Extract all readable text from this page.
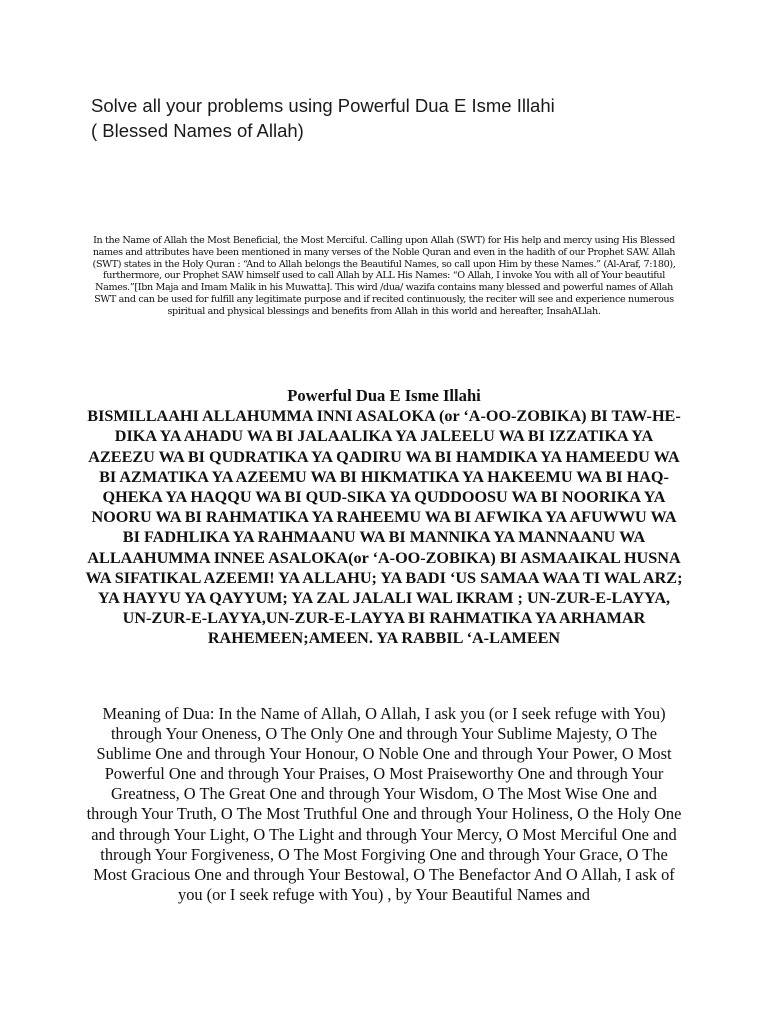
Solve all your problems using Powerful Dua E Isme Illahi
( Blessed Names of Allah)
In the Name of Allah the Most Beneficial, the Most Merciful. Calling upon Allah (SWT) for His help and mercy using His Blessed names and attributes have been mentioned in many verses of the Noble Quran and even in the hadith of our Prophet SAW. Allah (SWT) states in the Holy Quran : “And to Allah belongs the Beautiful Names, so call upon Him by these Names.” (Al-Araf, 7:180), furthermore, our Prophet SAW himself used to call Allah by ALL His Names: “O Allah, I invoke You with all of Your beautiful Names.”[Ibn Maja and Imam Malik in his Muwatta]. This wird /dua/ wazifa contains many blessed and powerful names of Allah SWT and can be used for fulfill any legitimate purpose and if recited continuously, the reciter will see and experience numerous spiritual and physical blessings and benefits from Allah in this world and hereafter, InsahALlah.
Powerful Dua E Isme Illahi
BISMILLAAHI ALLAHUMMA INNI ASALOKA (or ‘A-OO-ZOBIKA) BI TAW-HE-DIKA YA AHADU WA BI JALAALIKA YA JALEELU WA BI IZZATIKA YA AZEEZU WA BI QUDRATIKA YA QADIRU WA BI HAMDIKA YA HAMEEDU WA BI AZMATIKA YA AZEEMU WA BI HIKMATIKA YA HAKEEMU WA BI HAQ-QHEKA YA HAQQU WA BI QUD-SIKA YA QUDDOOSU WA BI NOORIKA YA NOORU WA BI RAHMATIKA YA RAHEEMU WA BI AFWIKA YA AFUWWU WA BI FADHLIKA YA RAHMAANU WA BI MANNIKA YA MANNAANU WA ALLAAHUMMA INNEE ASALOKA(or ‘A-OO-ZOBIKA) BI ASMAAIKAL HUSNA WA SIFATIKAL AZEEMI! YA ALLAHU; YA BADI ‘US SAMAA WAA TI WAL ARZ; YA HAYYU YA QAYYUM; YA ZAL JALALI WAL IKRAM ; UN-ZUR-E-LAYYA, UN-ZUR-E-LAYYA,UN-ZUR-E-LAYYA BI RAHMATIKA YA ARHAMAR RAHEMEEN;AMEEN. YA RABBIL ‘A-LAMEEN
Meaning of Dua: In the Name of Allah, O Allah, I ask you (or I seek refuge with You) through Your Oneness, O The Only One and through Your Sublime Majesty, O The Sublime One and through Your Honour, O Noble One and through Your Power, O Most Powerful One and through Your Praises, O Most Praiseworthy One and through Your Greatness, O The Great One and through Your Wisdom, O The Most Wise One and through Your Truth, O The Most Truthful One and through Your Holiness, O the Holy One and through Your Light, O The Light and through Your Mercy, O Most Merciful One and through Your Forgiveness, O The Most Forgiving One and through Your Grace, O The Most Gracious One and through Your Bestowal, O The Benefactor And O Allah, I ask of you (or I seek refuge with You) , by Your Beautiful Names and
